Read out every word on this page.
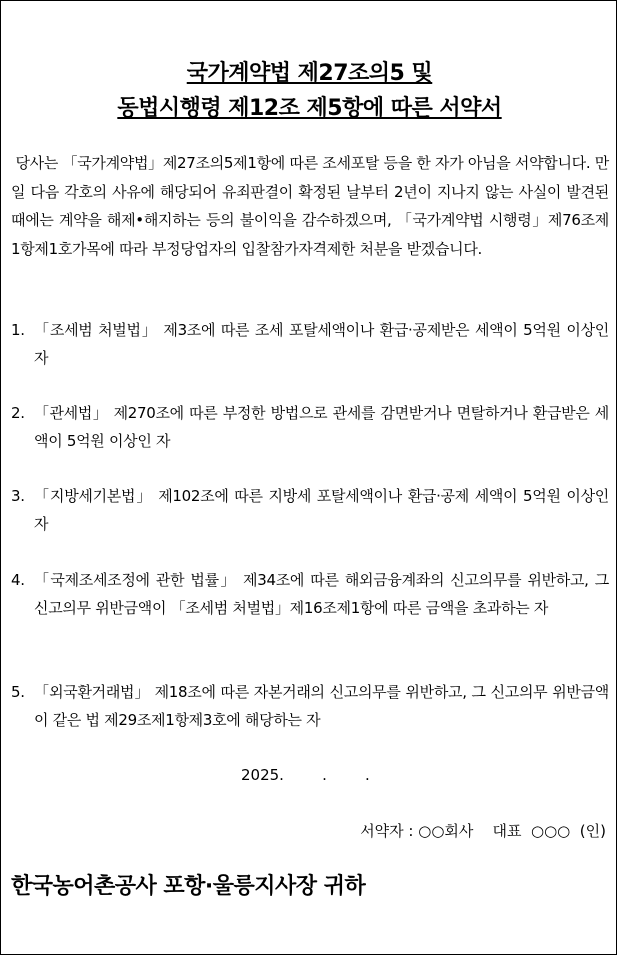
국가계약법 제27조의5 및
동법시행령 제12조 제5항에 따른 서약서
당사는 「국가계약법」제27조의5제1항에 따른 조세포탈 등을 한 자가 아님을 서약합니다. 만일 다음 각호의 사유에 해당되어 유죄판결이 확정된 날부터 2년이 지나지 않는 사실이 발견된 때에는 계약을 해제•해지하는 등의 불이익을 감수하겠으며, 「국가계약법 시행령」제76조제1항제1호가목에 따라 부정당업자의 입찰참가자격제한 처분을 받겠습니다.
1. 「조세범 처벌법」 제3조에 따른 조세 포탈세액이나 환급·공제받은 세액이 5억원 이상인 자
2. 「관세법」 제270조에 따른 부정한 방법으로 관세를 감면받거나 면탈하거나 환급받은 세액이 5억원 이상인 자
3. 「지방세기본법」 제102조에 따른 지방세 포탈세액이나 환급·공제 세액이 5억원 이상인 자
4. 「국제조세조정에 관한 법률」 제34조에 따른 해외금융계좌의 신고의무를 위반하고, 그 신고의무 위반금액이 「조세범 처벌법」제16조제1항에 따른 금액을 초과하는 자
5. 「외국환거래법」 제18조에 따른 자본거래의 신고의무를 위반하고, 그 신고의무 위반금액이 같은 법 제29조제1항제3호에 해당하는 자
2025.        .        .
서약자 : ○○회사    대표  ○○○  (인)
한국농어촌공사 포항·울릉지사장 귀하
